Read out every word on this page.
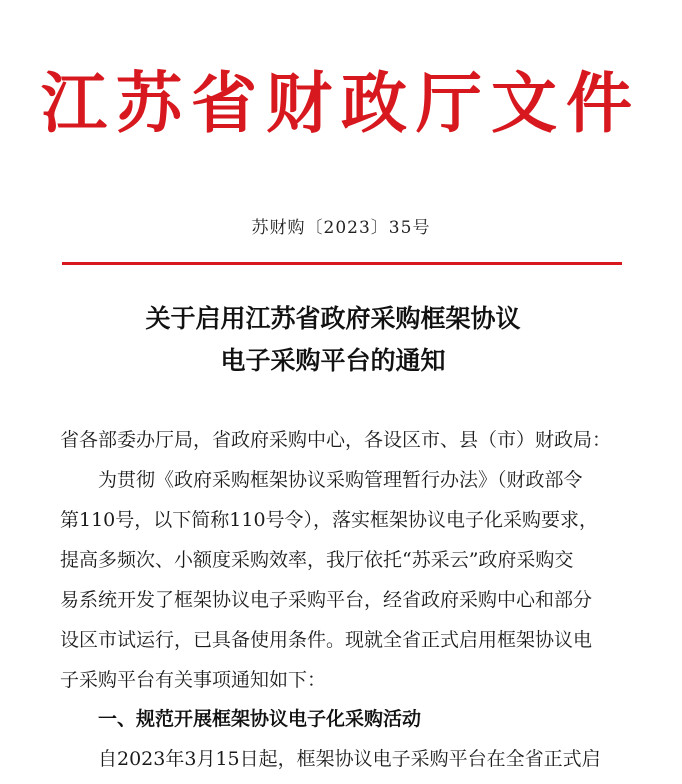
江苏省财政厅文件
苏财购〔2023〕35号
关于启用江苏省政府采购框架协议
电子采购平台的通知
省各部委办厅局，省政府采购中心，各设区市、县（市）财政局：
为贯彻《政府采购框架协议采购管理暂行办法》（财政部令
第110号，以下简称110号令），落实框架协议电子化采购要求，
提高多频次、小额度采购效率，我厅依托“苏采云”政府采购交
易系统开发了框架协议电子采购平台，经省政府采购中心和部分
设区市试运行，已具备使用条件。现就全省正式启用框架协议电
子采购平台有关事项通知如下：
一、规范开展框架协议电子化采购活动
自2023年3月15日起，框架协议电子采购平台在全省正式启
